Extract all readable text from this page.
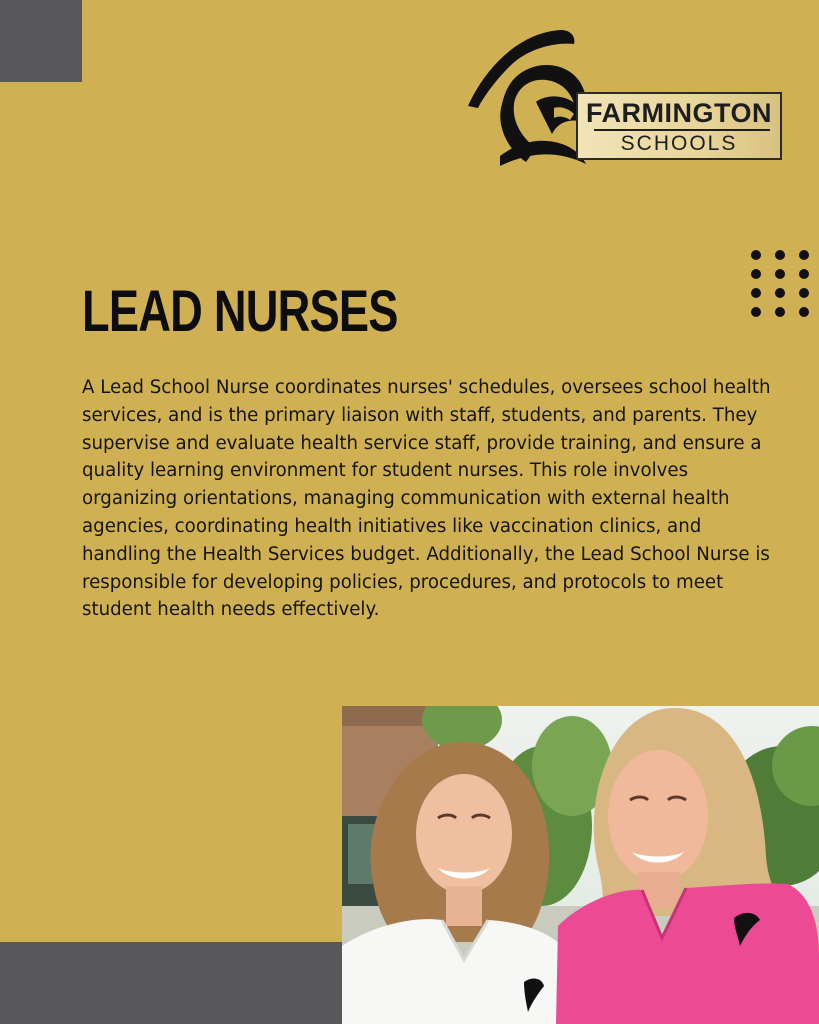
FARMINGTON
SCHOOLS
LEAD NURSES

A Lead School Nurse coordinates nurses' schedules, oversees school health services, and is the primary liaison with staff, students, and parents. They supervise and evaluate health service staff, provide training, and ensure a quality learning environment for student nurses. This role involves organizing orientations, managing communication with external health agencies, coordinating health initiatives like vaccination clinics, and handling the Health Services budget. Additionally, the Lead School Nurse is responsible for developing policies, procedures, and protocols to meet student health needs effectively.
